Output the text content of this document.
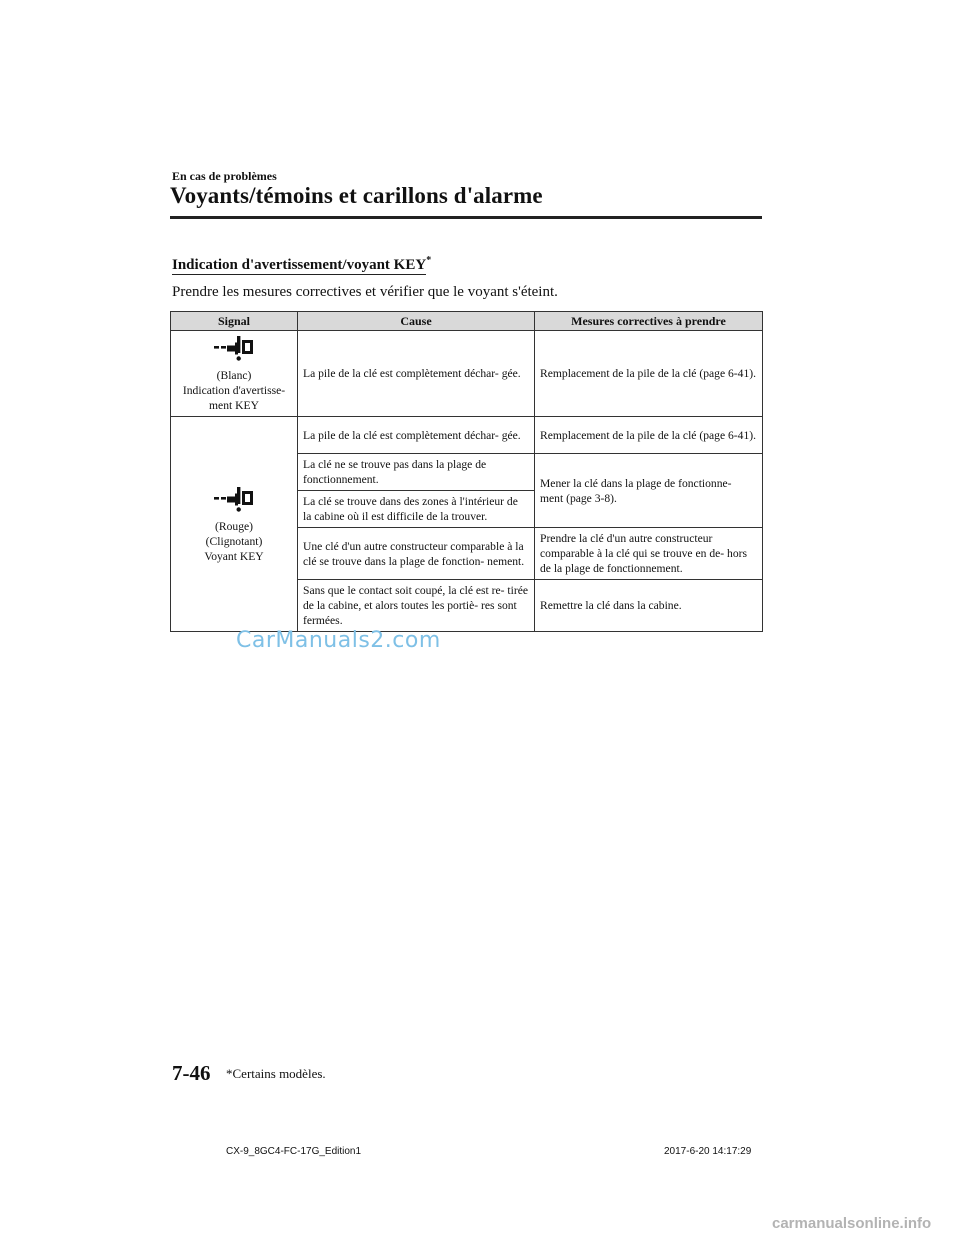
En cas de problèmes
Voyants/témoins et carillons d'alarme
Indication d'avertissement/voyant KEY*
Prendre les mesures correctives et vérifier que le voyant s'éteint.
Signal	Cause	Mesures correctives à prendre

(Blanc)
Indication d'avertisse-
ment KEY	La pile de la clé est complètement déchar- gée.	Remplacement de la pile de la clé (page 6-41).

(Rouge)
(Clignotant)
Voyant KEY	La pile de la clé est complètement déchar- gée.	Remplacement de la pile de la clé (page 6-41).
	La clé ne se trouve pas dans la plage de fonctionnement.	Mener la clé dans la plage de fonctionne- ment (page 3-8).
	La clé se trouve dans des zones à l'intérieur de la cabine où il est difficile de la trouver.	
	Une clé d'un autre constructeur comparable à la clé se trouve dans la plage de fonction- nement.	Prendre la clé d'un autre constructeur comparable à la clé qui se trouve en de- hors de la plage de fonctionnement.
	Sans que le contact soit coupé, la clé est re- tirée de la cabine, et alors toutes les portiè- res sont fermées.	Remettre la clé dans la cabine.
CarManuals2.com
7-46 *Certains modèles.
CX-9_8GC4-FC-17G_Edition1	2017-6-20 14:17:29
carmanualsonline.info
